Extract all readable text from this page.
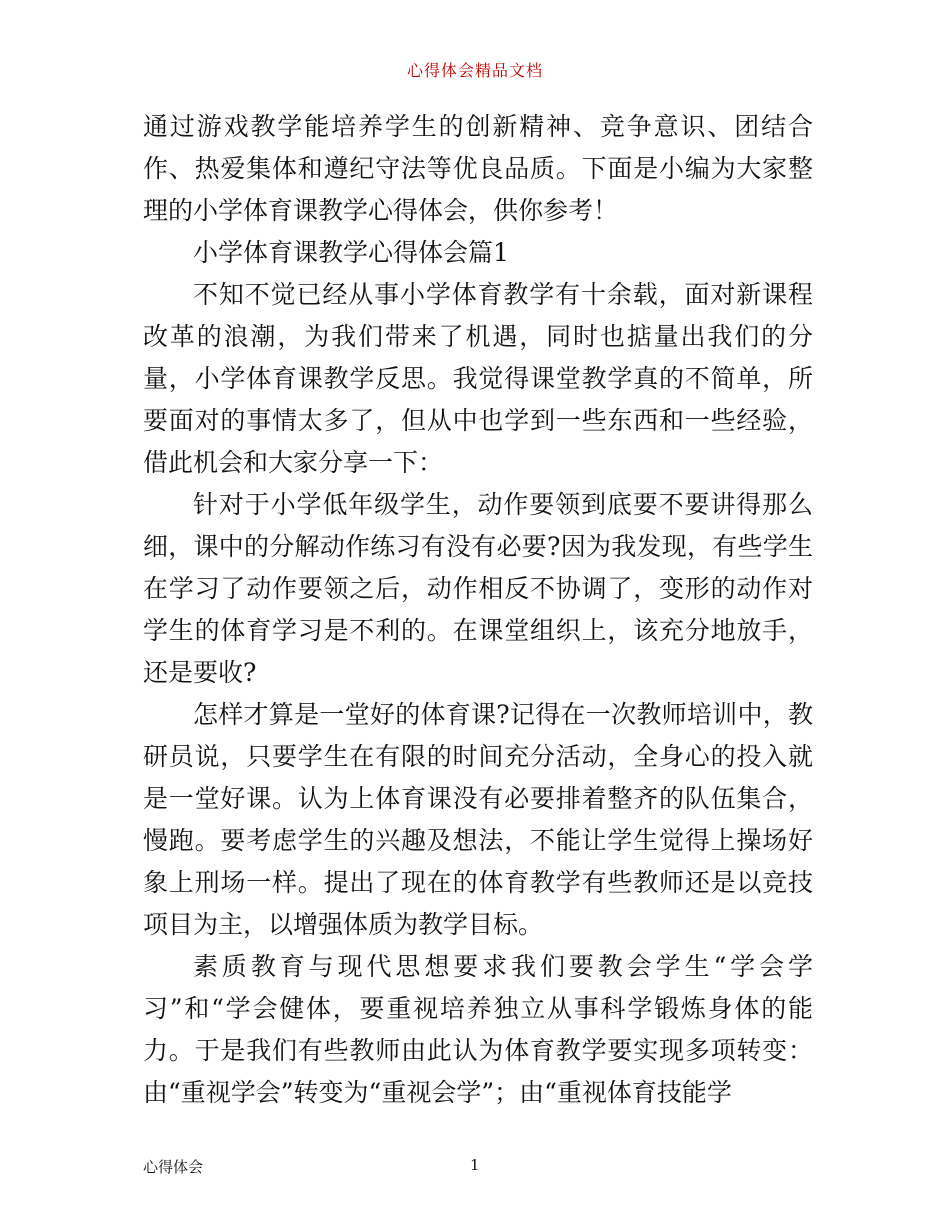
心得体会精品文档

通过游戏教学能培养学生的创新精神、竞争意识、团结合作、热爱集体和遵纪守法等优良品质。下面是小编为大家整理的小学体育课教学心得体会，供你参考！

小学体育课教学心得体会篇1

不知不觉已经从事小学体育教学有十余载，面对新课程改革的浪潮，为我们带来了机遇，同时也掂量出我们的分量，小学体育课教学反思。我觉得课堂教学真的不简单，所要面对的事情太多了，但从中也学到一些东西和一些经验，借此机会和大家分享一下：

针对于小学低年级学生，动作要领到底要不要讲得那么细，课中的分解动作练习有没有必要?因为我发现，有些学生在学习了动作要领之后，动作相反不协调了，变形的动作对学生的体育学习是不利的。在课堂组织上，该充分地放手，还是要收?

怎样才算是一堂好的体育课?记得在一次教师培训中，教研员说，只要学生在有限的时间充分活动，全身心的投入就是一堂好课。认为上体育课没有必要排着整齐的队伍集合，慢跑。要考虑学生的兴趣及想法，不能让学生觉得上操场好象上刑场一样。提出了现在的体育教学有些教师还是以竞技项目为主，以增强体质为教学目标。

素质教育与现代思想要求我们要教会学生“学会学习”和“学会健体，要重视培养独立从事科学锻炼身体的能力。于是我们有些教师由此认为体育教学要实现多项转变：由“重视学会”转变为“重视会学”；由“重视体育技能学

心得体会	1
